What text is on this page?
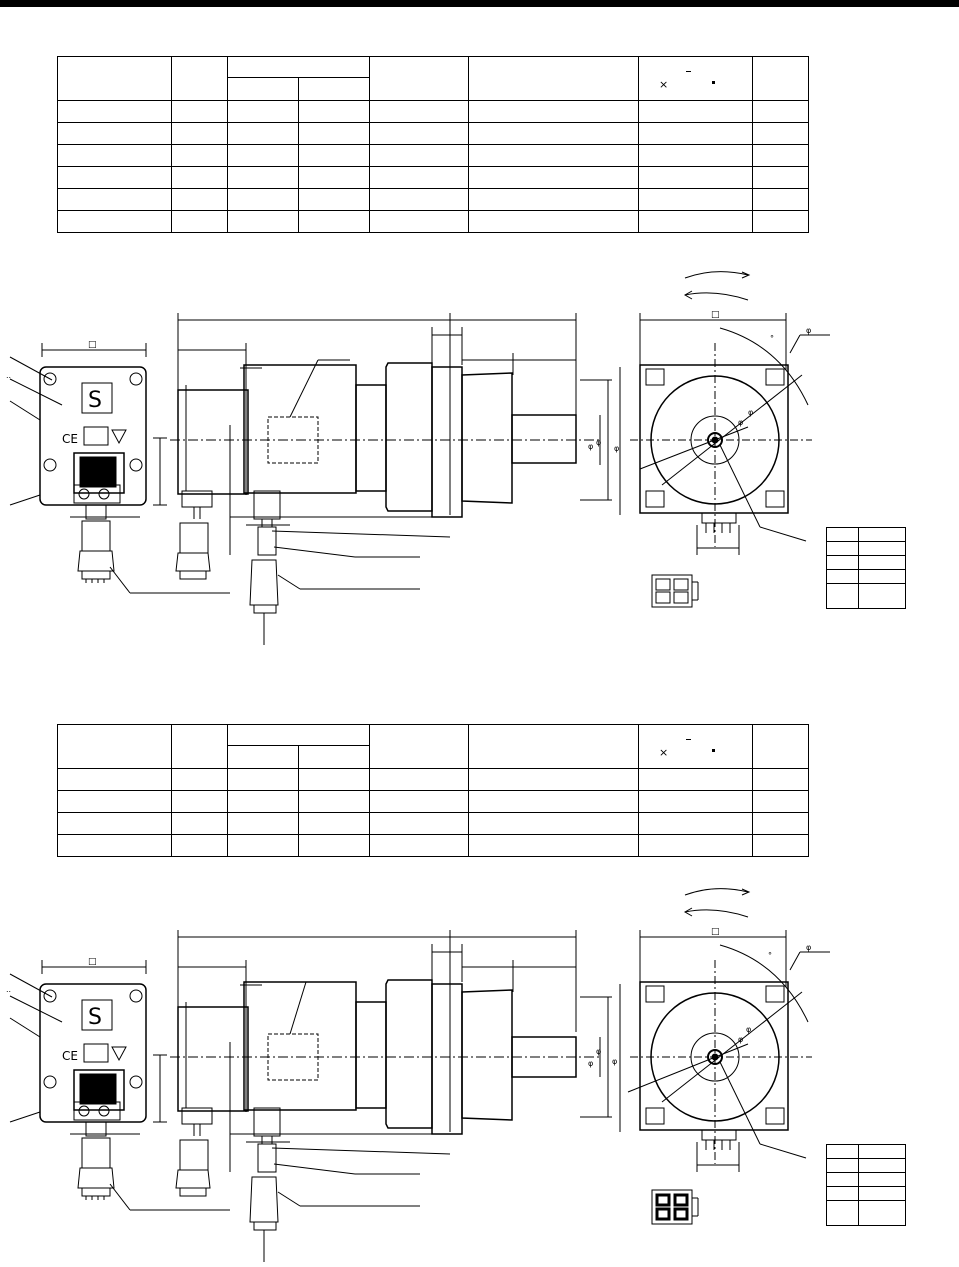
						×	

□
..
S
CE
φ φ
φ
□
°
φ
φ
φ

						×	

□
..
S
CE
φ
φ
φ
□
°
φ
φ
φ
